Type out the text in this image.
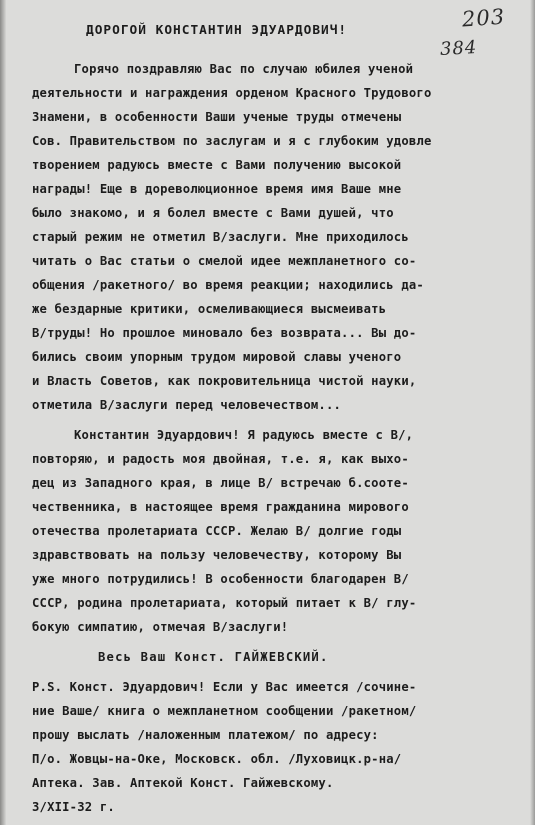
203
384
ДОРОГОЙ КОНСТАНТИН ЭДУАРДОВИЧ!
Горячо поздравляю Вас по случаю юбилея ученой
деятельности и награждения орденом Красного Трудового
Знамени, в особенности Ваши ученые труды отмечены
Сов. Правительством по заслугам и я с глубоким удовле
творением радуюсь вместе с Вами получению высокой
награды! Еще в дореволюционное время имя Ваше мне
было знакомо, и я болел вместе с Вами душей, что
старый режим не отметил В/заслуги. Мне приходилось
читать о Вас статьи о смелой идее межпланетного со-
общения /ракетного/ во время реакции; находились да-
же бездарные критики, осмеливающиеся высмеивать
В/труды! Но прошлое миновало без возврата... Вы до-
бились своим упорным трудом мировой славы ученого
и Власть Советов, как покровительница чистой науки,
отметила В/заслуги перед человечеством...
Константин Эдуардович! Я радуюсь вместе с В/,
повторяю, и радость моя двойная, т.е. я, как выхо-
дец из Западного края, в лице В/ встречаю б.сооте-
чественника, в настоящее время гражданина мирового
отечества пролетариата СССР. Желаю В/ долгие годы
здравствовать на пользу человечеству, которому Вы
уже много потрудились! В особенности благодарен В/
СССР, родина пролетариата, который питает к В/ глу-
бокую симпатию, отмечая В/заслуги!
Весь Ваш Конст. ГАЙЖЕВСКИЙ.
P.S. Конст. Эдуардович! Если у Вас имеется /сочине-
ние Ваше/ книга о межпланетном сообщении /ракетном/
прошу выслать /наложенным платежом/ по адресу:
П/о. Жовцы-на-Оке, Московск. обл. /Луховицк.р-на/
Аптека. Зав. Аптекой Конст. Гайжевскому.
3/XII-32 г.
